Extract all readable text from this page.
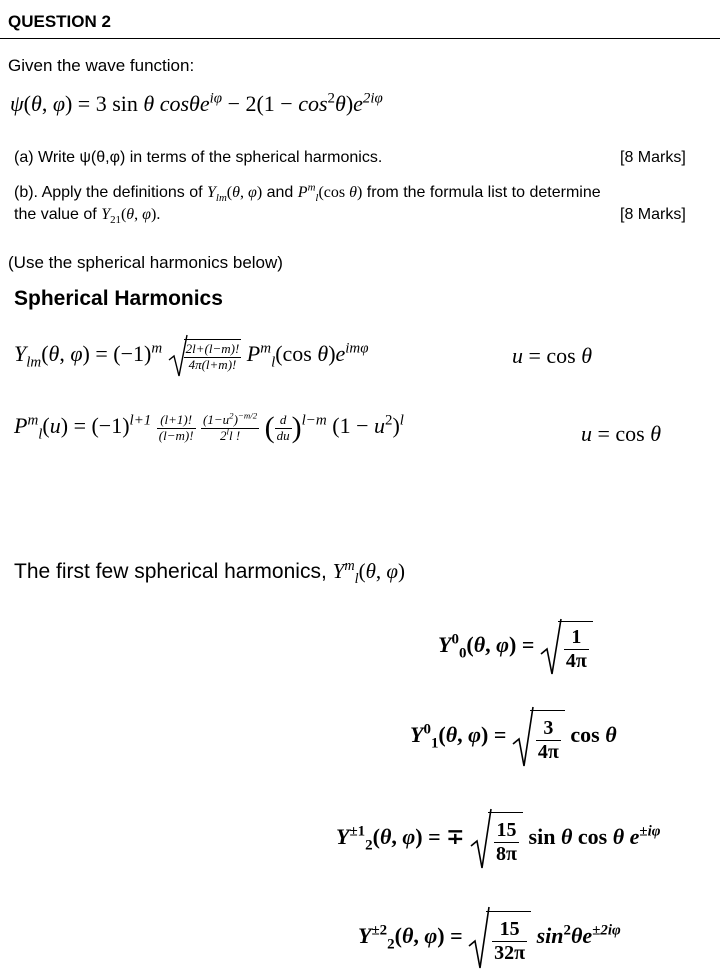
QUESTION 2
Given the wave function:
ψ(θ, φ) = 3 sin θ $\cos\theta e^{i\varphi} - 2(1 - \cos^2\theta)e^{2i\varphi}$
(a) Write ψ(θ,φ) in terms of the spherical harmonics.	[8 Marks]
(b). Apply the definitions of $Y_{lm}(\theta$, φ) and $P^m_l(\cos$ θ) from the formula list to determine
the value of $Y_{21}(\theta$, φ).	[8 Marks]
(Use the spherical harmonics below)
Spherical Harmonics
$Y_{lm}(\theta$, $\varphi) = (-1)^m \frac{2l+(l-m)!}{4\pi(l+m)!} P^m_l(\cos$ $\theta)e^{im\varphi}$	u = cos θ
$P^m_l(u) = (-1)^{l+1} \frac{(l+1)!}{(l-m)!}$
$\frac{(1-u^2)^{-m/2}}{2^ll !}$ ( $\frac{d}{du} )^{l-m}$ $(1 - u^2)^l$
u = cos θ
The first few spherical harmonics, $Y^m_l(\theta$, φ)
$Y^0_0(\theta$, $\varphi) = \frac{1}{4\pi}$
$Y^0_1(\theta$, $\varphi) = \frac{3}{4\pi}$ cos θ
$Y^{\pm 1}_2(\theta$, φ) = ∓ $\frac{15}{8\pi}$ sin θ cos θ $e^{\pm i\varphi}$
$Y^{\pm 2}_2(\theta$, $\varphi) = \frac{15}{32\pi} \sin^2\theta e^{\pm 2i\varphi}$
